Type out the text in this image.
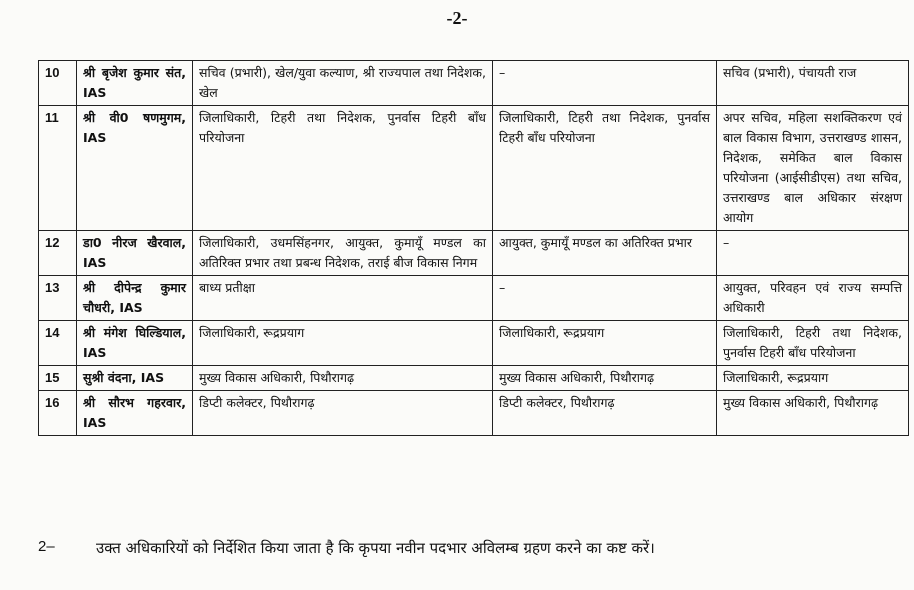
-2-
10	श्री बृजेश कुमार संत, IAS	सचिव (प्रभारी), खेल/युवा कल्याण, श्री राज्यपाल तथा निदेशक, खेल	–	सचिव (प्रभारी), पंचायती राज
11	श्री वी0 षणमुगम, IAS	जिलाधिकारी, टिहरी तथा निदेशक, पुनर्वास टिहरी बाँध परियोजना	जिलाधिकारी, टिहरी तथा निदेशक, पुनर्वास टिहरी बाँध परियोजना	अपर सचिव, महिला सशक्तिकरण एवं बाल विकास विभाग, उत्तराखण्ड शासन, निदेशक, समेकित बाल विकास परियोजना (आईसीडीएस) तथा सचिव, उत्तराखण्ड बाल अधिकार संरक्षण आयोग
12	डा0 नीरज खैरवाल, IAS	जिलाधिकारी, उधमसिंहनगर, आयुक्त, कुमायूँ मण्डल का अतिरिक्त प्रभार तथा प्रबन्ध निदेशक, तराई बीज विकास निगम	आयुक्त, कुमायूँ मण्डल का अतिरिक्त प्रभार	–
13	श्री दीपेन्द्र कुमार चौधरी, IAS	बाध्य प्रतीक्षा	–	आयुक्त, परिवहन एवं राज्य सम्पत्ति अधिकारी
14	श्री मंगेश घिल्डियाल, IAS	जिलाधिकारी, रूद्रप्रयाग	जिलाधिकारी, रूद्रप्रयाग	जिलाधिकारी, टिहरी तथा निदेशक, पुनर्वास टिहरी बाँध परियोजना
15	सुश्री वंदना, IAS	मुख्य विकास अधिकारी, पिथौरागढ़	मुख्य विकास अधिकारी, पिथौरागढ़	जिलाधिकारी, रूद्रप्रयाग
16	श्री सौरभ गहरवार, IAS	डिप्टी कलेक्टर, पिथौरागढ़	डिप्टी कलेक्टर, पिथौरागढ़	मुख्य विकास अधिकारी, पिथौरागढ़
2–	उक्त अधिकारियों को निर्देशित किया जाता है कि कृपया नवीन पदभार अविलम्ब ग्रहण करने का कष्ट करें।
